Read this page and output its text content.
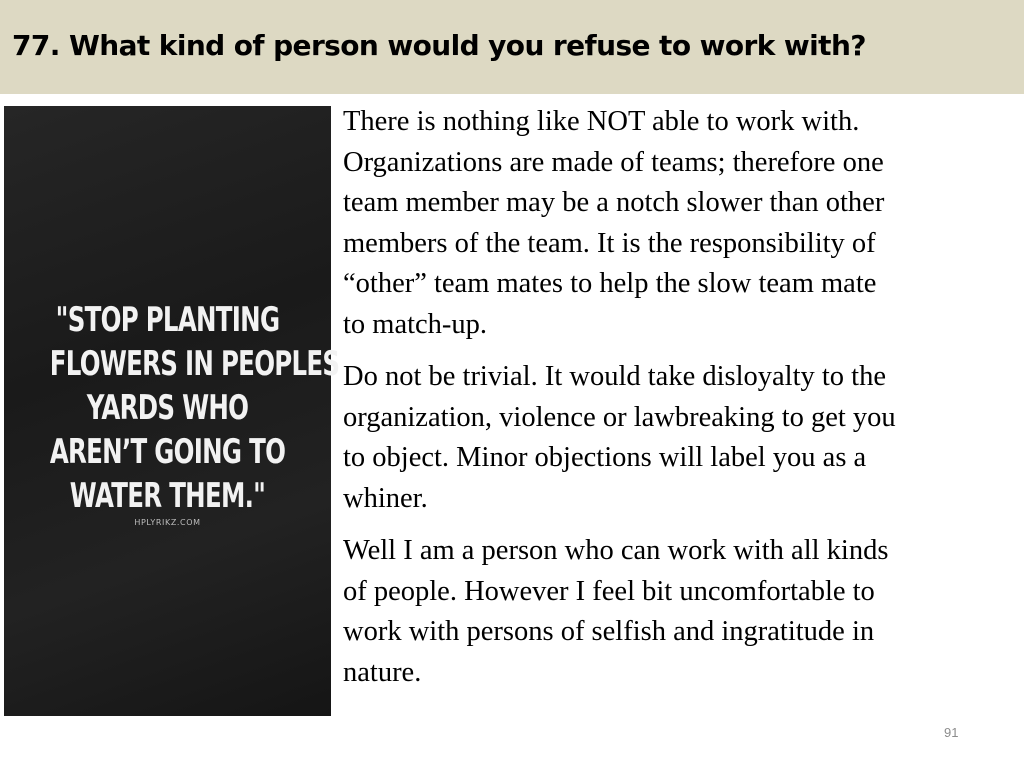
77. What kind of person would you refuse to work with?
"STOP PLANTING
FLOWERS IN PEOPLES
YARDS WHO
AREN’T GOING TO
WATER THEM."
HPLYRIKZ.COM

There is nothing like NOT able to work with.
Organizations are made of teams; therefore one
team member may be a notch slower than other
members of the team. It is the responsibility of
“other” team mates to help the slow team mate
to match-up.

Do not be trivial. It would take disloyalty to the
organization, violence or lawbreaking to get you
to object. Minor objections will label you as a
whiner.

Well I am a person who can work with all kinds
of people. However I feel bit uncomfortable to
work with persons of selfish and ingratitude in
nature.

91
